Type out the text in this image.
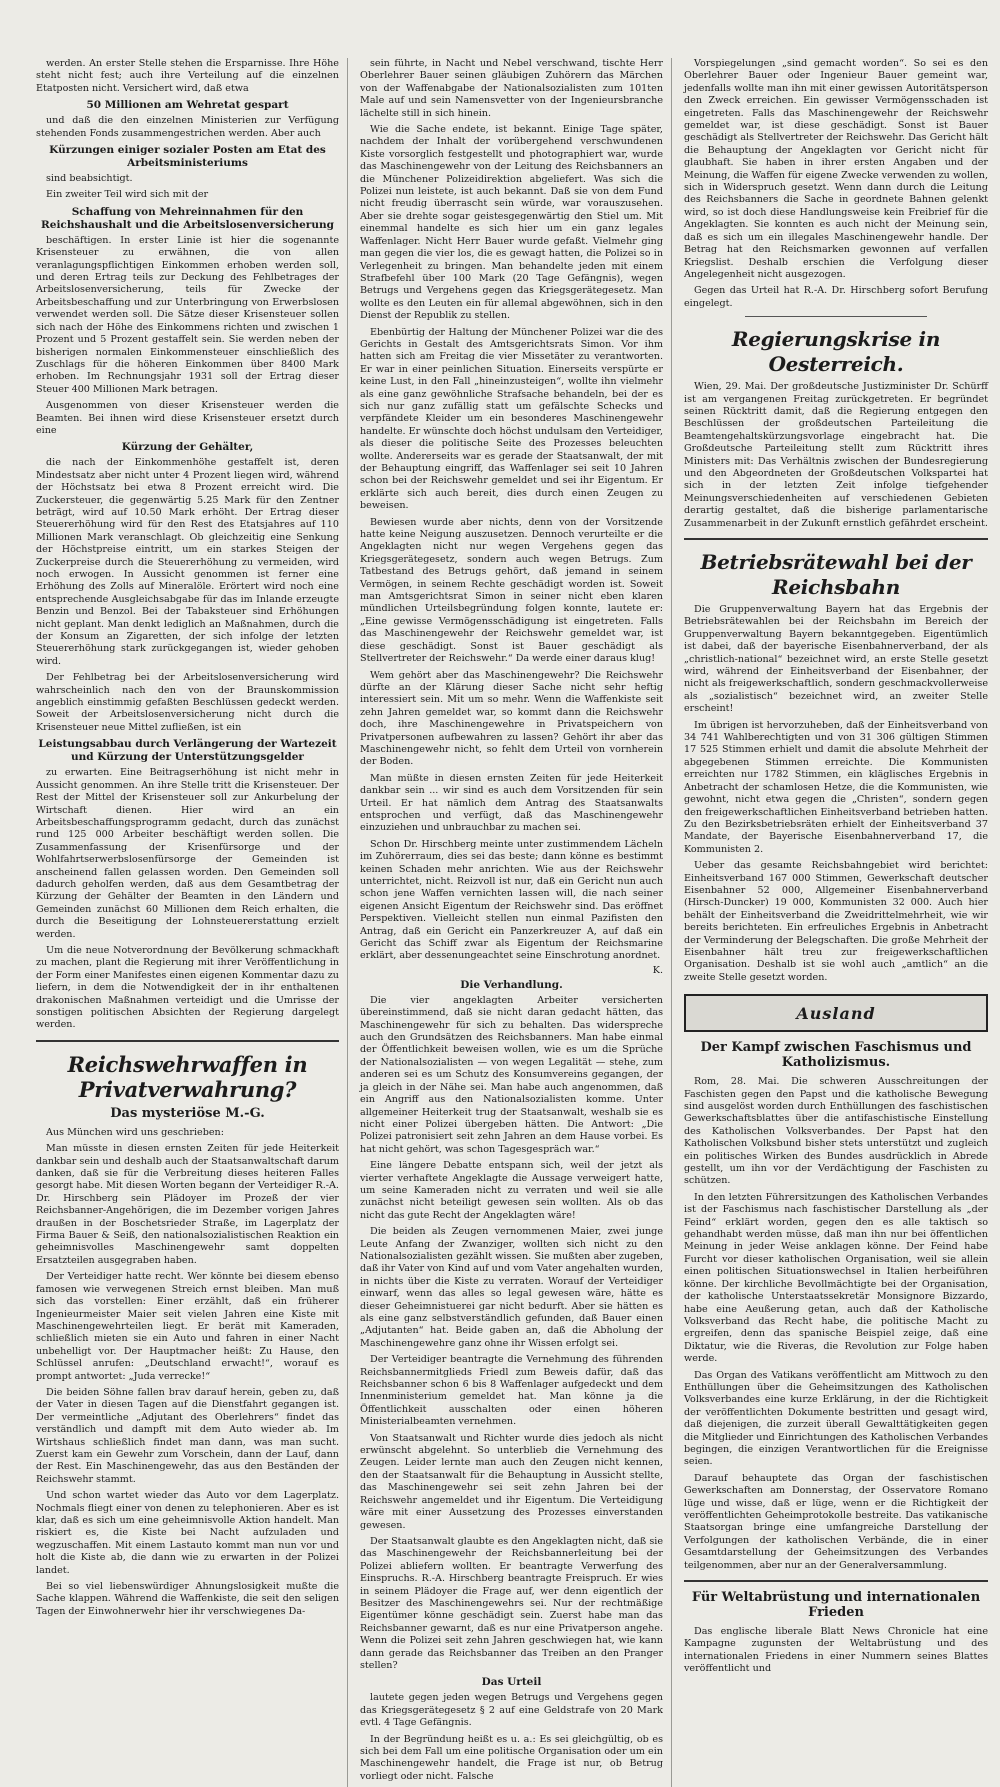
werden. An erster Stelle stehen die Ersparnisse. Ihre Höhe steht nicht fest; auch ihre Verteilung auf die einzelnen Etatposten nicht. Versichert wird, daß etwa

50 Millionen am Wehretat gespart

und daß die den einzelnen Ministerien zur Verfügung stehenden Fonds zusammengestrichen werden. Aber auch

Kürzungen einiger sozialer Posten am Etat des Arbeitsministeriums

sind beabsichtigt.

Ein zweiter Teil wird sich mit der

Schaffung von Mehreinnahmen für den Reichshaushalt und die Arbeitslosenversicherung

beschäftigen. In erster Linie ist hier die sogenannte Krisensteuer zu erwähnen, die von allen veranlagungspflichtigen Einkommen erhoben werden soll, und deren Ertrag teils zur Deckung des Fehlbetrages der Arbeitslosenversicherung, teils für Zwecke der Arbeitsbeschaffung und zur Unterbringung von Erwerbslosen verwendet werden soll. Die Sätze dieser Krisensteuer sollen sich nach der Höhe des Einkommens richten und zwischen 1 Prozent und 5 Prozent gestaffelt sein. Sie werden neben der bisherigen normalen Einkommensteuer einschließlich des Zuschlags für die höheren Einkommen über 8400 Mark erhoben. Im Rechnungsjahr 1931 soll der Ertrag dieser Steuer 400 Millionen Mark betragen.

Ausgenommen von dieser Krisensteuer werden die Beamten. Bei ihnen wird diese Krisensteuer ersetzt durch eine

Kürzung der Gehälter,

die nach der Einkommenhöhe gestaffelt ist, deren Mindestsatz aber nicht unter 4 Prozent liegen wird, während der Höchstsatz bei etwa 8 Prozent erreicht wird. Die Zuckersteuer, die gegenwärtig 5.25 Mark für den Zentner beträgt, wird auf 10.50 Mark erhöht. Der Ertrag dieser Steuererhöhung wird für den Rest des Etatsjahres auf 110 Millionen Mark veranschlagt. Ob gleichzeitig eine Senkung der Höchstpreise eintritt, um ein starkes Steigen der Zuckerpreise durch die Steuererhöhung zu vermeiden, wird noch erwogen. In Aussicht genommen ist ferner eine Erhöhung des Zolls auf Mineralöle. Erörtert wird noch eine entsprechende Ausgleichsabgabe für das im Inlande erzeugte Benzin und Benzol. Bei der Tabaksteuer sind Erhöhungen nicht geplant. Man denkt lediglich an Maßnahmen, durch die der Konsum an Zigaretten, der sich infolge der letzten Steuererhöhung stark zurückgegangen ist, wieder gehoben wird.

Der Fehlbetrag bei der Arbeitslosenversicherung wird wahrscheinlich nach den von der Braunskommission angeblich einstimmig gefaßten Beschlüssen gedeckt werden. Soweit der Arbeitslosenversicherung nicht durch die Krisensteuer neue Mittel zufließen, ist ein

Leistungsabbau durch Verlängerung der Wartezeit und Kürzung der Unterstützungsgelder

zu erwarten. Eine Beitragserhöhung ist nicht mehr in Aussicht genommen. An ihre Stelle tritt die Krisensteuer. Der Rest der Mittel der Krisensteuer soll zur Ankurbelung der Wirtschaft dienen. Hier wird an ein Arbeitsbeschaffungsprogramm gedacht, durch das zunächst rund 125 000 Arbeiter beschäftigt werden sollen. Die Zusammenfassung der Krisenfürsorge und der Wohlfahrtserwerbslosenfürsorge der Gemeinden ist anscheinend fallen gelassen worden. Den Gemeinden soll dadurch geholfen werden, daß aus dem Gesamtbetrag der Kürzung der Gehälter der Beamten in den Ländern und Gemeinden zunächst 60 Millionen dem Reich erhalten, die durch die Beseitigung der Lohnsteuererstattung erzielt werden.

Um die neue Notverordnung der Bevölkerung schmackhaft zu machen, plant die Regierung mit ihrer Veröffentlichung in der Form einer Manifestes einen eigenen Kommentar dazu zu liefern, in dem die Notwendigkeit der in ihr enthaltenen drakonischen Maßnahmen verteidigt und die Umrisse der sonstigen politischen Absichten der Regierung dargelegt werden.

Reichswehrwaffen in Privatverwahrung?
Das mysteriöse M.-G.

Aus München wird uns geschrieben:

Man müsste in diesen ernsten Zeiten für jede Heiterkeit dankbar sein und deshalb auch der Staatsanwaltschaft darum danken, daß sie für die Verbreitung dieses heiteren Falles gesorgt habe. Mit diesen Worten begann der Verteidiger R.-A. Dr. Hirschberg sein Plädoyer im Prozeß der vier Reichsbanner-Angehörigen, die im Dezember vorigen Jahres draußen in der Boschetsrieder Straße, im Lagerplatz der Firma Bauer & Seiß, den nationalsozialistischen Reaktion ein geheimnisvolles Maschinengewehr samt doppelten Ersatzteilen ausgegraben haben.

Der Verteidiger hatte recht. Wer könnte bei diesem ebenso famosen wie verwegenen Streich ernst bleiben. Man muß sich das vorstellen: Einer erzählt, daß ein früherer Ingenieurmeister Maier seit vielen Jahren eine Kiste mit Maschinengewehrteilen liegt. Er berät mit Kameraden, schließlich mieten sie ein Auto und fahren in einer Nacht unbehelligt vor. Der Hauptmacher heißt: Zu Hause, den Schlüssel anrufen: „Deutschland erwacht!“, worauf es prompt antwortet: „Juda verrecke!“

Die beiden Söhne fallen brav darauf herein, geben zu, daß der Vater in diesen Tagen auf die Dienstfahrt gegangen ist. Der vermeintliche „Adjutant des Oberlehrers“ findet das verständlich und dampft mit dem Auto wieder ab. Im Wirtshaus schließlich findet man dann, was man sucht. Zuerst kam ein Gewehr zum Vorschein, dann der Lauf, dann der Rest. Ein Maschinengewehr, das aus den Beständen der Reichswehr stammt.

Und schon wartet wieder das Auto vor dem Lagerplatz. Nochmals fliegt einer von denen zu telephonieren. Aber es ist klar, daß es sich um eine geheimnisvolle Aktion handelt. Man riskiert es, die Kiste bei Nacht aufzuladen und wegzuschaffen. Mit einem Lastauto kommt man nun vor und holt die Kiste ab, die dann wie zu erwarten in der Polizei landet.

Bei so viel liebenswürdiger Ahnungslosigkeit mußte die Sache klappen. Während die Waffenkiste, die seit den seligen Tagen der Einwohnerwehr hier ihr verschwiegenes Da-

sein führte, in Nacht und Nebel verschwand, tischte Herr Oberlehrer Bauer seinen gläubigen Zuhörern das Märchen von der Waffenabgabe der Nationalsozialisten zum 101ten Male auf und sein Namensvetter von der Ingenieursbranche lächelte still in sich hinein.

Wie die Sache endete, ist bekannt. Einige Tage später, nachdem der Inhalt der vorübergehend verschwundenen Kiste vorsorglich festgestellt und photographiert war, wurde das Maschinengewehr von der Leitung des Reichsbanners an die Münchener Polizeidirektion abgeliefert. Was sich die Polizei nun leistete, ist auch bekannt. Daß sie von dem Fund nicht freudig überrascht sein würde, war vorauszusehen. Aber sie drehte sogar geistesgegenwärtig den Stiel um. Mit einemmal handelte es sich hier um ein ganz legales Waffenlager. Nicht Herr Bauer wurde gefaßt. Vielmehr ging man gegen die vier los, die es gewagt hatten, die Polizei so in Verlegenheit zu bringen. Man behandelte jeden mit einem Strafbefehl über 100 Mark (20 Tage Gefängnis), wegen Betrugs und Vergehens gegen das Kriegsgerätegesetz. Man wollte es den Leuten ein für allemal abgewöhnen, sich in den Dienst der Republik zu stellen.

Ebenbürtig der Haltung der Münchener Polizei war die des Gerichts in Gestalt des Amtsgerichtsrats Simon. Vor ihm hatten sich am Freitag die vier Missetäter zu verantworten. Er war in einer peinlichen Situation. Einerseits verspürte er keine Lust, in den Fall „hineinzusteigen“, wollte ihn vielmehr als eine ganz gewöhnliche Strafsache behandeln, bei der es sich nur ganz zufällig statt um gefälschte Schecks und verpfändete Kleider um ein besonderes Maschinengewehr handelte. Er wünschte doch höchst undulsam den Verteidiger, als dieser die politische Seite des Prozesses beleuchten wollte. Andererseits war es gerade der Staatsanwalt, der mit der Behauptung eingriff, das Waffenlager sei seit 10 Jahren schon bei der Reichswehr gemeldet und sei ihr Eigentum. Er erklärte sich auch bereit, dies durch einen Zeugen zu beweisen.

Bewiesen wurde aber nichts, denn von der Vorsitzende hatte keine Neigung auszusetzen. Dennoch verurteilte er die Angeklagten nicht nur wegen Vergehens gegen das Kriegsgerätegesetz, sondern auch wegen Betrugs. Zum Tatbestand des Betrugs gehört, daß jemand in seinem Vermögen, in seinem Rechte geschädigt worden ist. Soweit man Amtsgerichtsrat Simon in seiner nicht eben klaren mündlichen Urteilsbegründung folgen konnte, lautete er: „Eine gewisse Vermögensschädigung ist eingetreten. Falls das Maschinengewehr der Reichswehr gemeldet war, ist diese geschädigt. Sonst ist Bauer geschädigt als Stellvertreter der Reichswehr.“ Da werde einer daraus klug!

Wem gehört aber das Maschinengewehr? Die Reichswehr dürfte an der Klärung dieser Sache nicht sehr heftig interessiert sein. Mit um so mehr. Wenn die Waffenkiste seit zehn Jahren gemeldet war, so kommt dann die Reichswehr doch, ihre Maschinengewehre in Privatspeichern von Privatpersonen aufbewahren zu lassen? Gehört ihr aber das Maschinengewehr nicht, so fehlt dem Urteil von vornherein der Boden.

Man müßte in diesen ernsten Zeiten für jede Heiterkeit dankbar sein ... wir sind es auch dem Vorsitzenden für sein Urteil. Er hat nämlich dem Antrag des Staatsanwalts entsprochen und verfügt, daß das Maschinengewehr einzuziehen und unbrauchbar zu machen sei.

Schon Dr. Hirschberg meinte unter zustimmendem Lächeln im Zuhörerraum, dies sei das beste; dann könne es bestimmt keinen Schaden mehr anrichten. Wie aus der Reichswehr unterrichtet, nicht. Reizvoll ist nur, daß ein Gericht nun auch schon jene Waffen vernichten lassen will, die nach seiner eigenen Ansicht Eigentum der Reichswehr sind. Das eröffnet Perspektiven. Vielleicht stellen nun einmal Pazifisten den Antrag, daß ein Gericht ein Panzerkreuzer A, auf daß ein Gericht das Schiff zwar als Eigentum der Reichsmarine erklärt, aber dessenungeachtet seine Einschrotung anordnet.

K.

Die Verhandlung.

Die vier angeklagten Arbeiter versicherten übereinstimmend, daß sie nicht daran gedacht hätten, das Maschinengewehr für sich zu behalten. Das widerspreche auch den Grundsätzen des Reichsbanners. Man habe einmal der Öffentlichkeit beweisen wollen, wie es um die Sprüche der Nationalsozialisten — von wegen Legalität — stehe, zum anderen sei es um Schutz des Konsumvereins gegangen, der ja gleich in der Nähe sei. Man habe auch angenommen, daß ein Angriff aus den Nationalsozialisten komme. Unter allgemeiner Heiterkeit trug der Staatsanwalt, weshalb sie es nicht einer Polizei übergeben hätten. Die Antwort: „Die Polizei patronisiert seit zehn Jahren an dem Hause vorbei. Es hat nicht gehört, was schon Tagesgespräch war.“

Eine längere Debatte entspann sich, weil der jetzt als vierter verhaftete Angeklagte die Aussage verweigert hatte, um seine Kameraden nicht zu verraten und weil sie alle zunächst nicht beteiligt gewesen sein wollten. Als ob das nicht das gute Recht der Angeklagten wäre!

Die beiden als Zeugen vernommenen Maier, zwei junge Leute Anfang der Zwanziger, wollten sich nicht zu den Nationalsozialisten gezählt wissen. Sie mußten aber zugeben, daß ihr Vater von Kind auf und vom Vater angehalten wurden, in nichts über die Kiste zu verraten. Worauf der Verteidiger einwarf, wenn das alles so legal gewesen wäre, hätte es dieser Geheimnistuerei gar nicht bedurft. Aber sie hätten es als eine ganz selbstverständlich gefunden, daß Bauer einen „Adjutanten“ hat. Beide gaben an, daß die Abholung der Maschinengewehre ganz ohne ihr Wissen erfolgt sei.

Der Verteidiger beantragte die Vernehmung des führenden Reichsbannermitglieds Friedl zum Beweis dafür, daß das Reichsbanner schon 6 bis 8 Waffenlager aufgedeckt und dem Innenministerium gemeldet hat. Man könne ja die Öffentlichkeit ausschalten oder einen höheren Ministerialbeamten vernehmen.

Von Staatsanwalt und Richter wurde dies jedoch als nicht erwünscht abgelehnt. So unterblieb die Vernehmung des Zeugen. Leider lernte man auch den Zeugen nicht kennen, den der Staatsanwalt für die Behauptung in Aussicht stellte, das Maschinengewehr sei seit zehn Jahren bei der Reichswehr angemeldet und ihr Eigentum. Die Verteidigung wäre mit einer Aussetzung des Prozesses einverstanden gewesen.

Der Staatsanwalt glaubte es den Angeklagten nicht, daß sie das Maschinengewehr der Reichsbannerleitung bei der Polizei abliefern wollten. Er beantragte Verwerfung des Einspruchs. R.-A. Hirschberg beantragte Freispruch. Er wies in seinem Plädoyer die Frage auf, wer denn eigentlich der Besitzer des Maschinengewehrs sei. Nur der rechtmäßige Eigentümer könne geschädigt sein. Zuerst habe man das Reichsbanner gewarnt, daß es nur eine Privatperson angehe. Wenn die Polizei seit zehn Jahren geschwiegen hat, wie kann dann gerade das Reichsbanner das Treiben an den Pranger stellen?

Das Urteil

lautete gegen jeden wegen Betrugs und Vergehens gegen das Kriegsgerätegesetz § 2 auf eine Geldstrafe von 20 Mark evtl. 4 Tage Gefängnis.

In der Begründung heißt es u. a.: Es sei gleichgültig, ob es sich bei dem Fall um eine politische Organisation oder um ein Maschinengewehr handelt, die Frage ist nur, ob Betrug vorliegt oder nicht. Falsche

Vorspiegelungen „sind gemacht worden“. So sei es den Oberlehrer Bauer oder Ingenieur Bauer gemeint war, jedenfalls wollte man ihn mit einer gewissen Autoritätsperson den Zweck erreichen. Ein gewisser Vermögensschaden ist eingetreten. Falls das Maschinengewehr der Reichswehr gemeldet war, ist diese geschädigt. Sonst ist Bauer geschädigt als Stellvertreter der Reichswehr. Das Gericht hält die Behauptung der Angeklagten vor Gericht nicht für glaubhaft. Sie haben in ihrer ersten Angaben und der Meinung, die Waffen für eigene Zwecke verwenden zu wollen, sich in Widerspruch gesetzt. Wenn dann durch die Leitung des Reichsbanners die Sache in geordnete Bahnen gelenkt wird, so ist doch diese Handlungsweise kein Freibrief für die Angeklagten. Sie konnten es auch nicht der Meinung sein, daß es sich um ein illegales Maschinengewehr handle. Der Betrag hat den Reichsmarken gewonnen auf verfallen Kriegslist. Deshalb erschien die Verfolgung dieser Angelegenheit nicht ausgezogen.

Gegen das Urteil hat R.-A. Dr. Hirschberg sofort Berufung eingelegt.

Regierungskrise in Oesterreich.

Wien, 29. Mai. Der großdeutsche Justizminister Dr. Schürff ist am vergangenen Freitag zurückgetreten. Er begründet seinen Rücktritt damit, daß die Regierung entgegen den Beschlüssen der großdeutschen Parteileitung die Beamtengehaltskürzungsvorlage eingebracht hat. Die Großdeutsche Parteileitung stellt zum Rücktritt ihres Ministers mit: Das Verhältnis zwischen der Bundesregierung und den Abgeordneten der Großdeutschen Volkspartei hat sich in der letzten Zeit infolge tiefgehender Meinungsverschiedenheiten auf verschiedenen Gebieten derartig gestaltet, daß die bisherige parlamentarische Zusammenarbeit in der Zukunft ernstlich gefährdet erscheint.

Betriebsrätewahl bei der Reichsbahn

Die Gruppenverwaltung Bayern hat das Ergebnis der Betriebsrätewahlen bei der Reichsbahn im Bereich der Gruppenverwaltung Bayern bekanntgegeben. Eigentümlich ist dabei, daß der bayerische Eisenbahnerverband, der als „christlich-national“ bezeichnet wird, an erste Stelle gesetzt wird, während der Einheitsverband der Eisenbahner, der nicht als freigewerkschaftlich, sondern geschmackvollerweise als „sozialistisch“ bezeichnet wird, an zweiter Stelle erscheint!

Im übrigen ist hervorzuheben, daß der Einheitsverband von 34 741 Wahlberechtigten und von 31 306 gültigen Stimmen 17 525 Stimmen erhielt und damit die absolute Mehrheit der abgegebenen Stimmen erreichte. Die Kommunisten erreichten nur 1782 Stimmen, ein kläglisches Ergebnis in Anbetracht der schamlosen Hetze, die die Kommunisten, wie gewohnt, nicht etwa gegen die „Christen“, sondern gegen den freigewerkschaftlichen Einheitsverband betrieben hatten. Zu den Bezirksbetriebsräten erhielt der Einheitsverband 37 Mandate, der Bayerische Eisenbahnerverband 17, die Kommunisten 2.

Ueber das gesamte Reichsbahngebiet wird berichtet: Einheitsverband 167 000 Stimmen, Gewerkschaft deutscher Eisenbahner 52 000, Allgemeiner Eisenbahnerverband (Hirsch-Duncker) 19 000, Kommunisten 32 000. Auch hier behält der Einheitsverband die Zweidrittelmehrheit, wie wir bereits berichteten. Ein erfreuliches Ergebnis in Anbetracht der Verminderung der Belegschaften. Die große Mehrheit der Eisenbahner hält treu zur freigewerkschaftlichen Organisation. Deshalb ist sie wohl auch „amtlich“ an die zweite Stelle gesetzt worden.

Ausland
Der Kampf zwischen Faschismus und Katholizismus.

Rom, 28. Mai. Die schweren Ausschreitungen der Faschisten gegen den Papst und die katholische Bewegung sind ausgelöst worden durch Enthüllungen des faschistischen Gewerkschaftsblattes über die antifaschistische Einstellung des Katholischen Volksverbandes. Der Papst hat den Katholischen Volksbund bisher stets unterstützt und zugleich ein politisches Wirken des Bundes ausdrücklich in Abrede gestellt, um ihn vor der Verdächtigung der Faschisten zu schützen.

In den letzten Führersitzungen des Katholischen Verbandes ist der Faschismus nach faschistischer Darstellung als „der Feind“ erklärt worden, gegen den es alle taktisch so gehandhabt werden müsse, daß man ihn nur bei öffentlichen Meinung in jeder Weise anklagen könne. Der Feind habe Furcht vor dieser katholischen Organisation, weil sie allein einen politischen Situationswechsel in Italien herbeiführen könne. Der kirchliche Bevollmächtigte bei der Organisation, der katholische Unterstaatssekretär Monsignore Bizzardo, habe eine Aeußerung getan, auch daß der Katholische Volksverband das Recht habe, die politische Macht zu ergreifen, denn das spanische Beispiel zeige, daß eine Diktatur, wie die Riveras, die Revolution zur Folge haben werde.

Das Organ des Vatikans veröffentlicht am Mittwoch zu den Enthüllungen über die Geheimsitzungen des Katholischen Volksverbandes eine kurze Erklärung, in der die Richtigkeit der veröffentlichten Dokumente bestritten und gesagt wird, daß diejenigen, die zurzeit überall Gewalttätigkeiten gegen die Mitglieder und Einrichtungen des Katholischen Verbandes begingen, die einzigen Verantwortlichen für die Ereignisse seien.

Darauf behauptete das Organ der faschistischen Gewerkschaften am Donnerstag, der Osservatore Romano lüge und wisse, daß er lüge, wenn er die Richtigkeit der veröffentlichten Geheimprotokolle bestreite. Das vatikanische Staatsorgan bringe eine umfangreiche Darstellung der Verfolgungen der katholischen Verbände, die in einer Gesamtdarstellung der Geheimsitzungen des Verbandes teilgenommen, aber nur an der Generalversammlung.

Für Weltabrüstung und internationalen Frieden

Das englische liberale Blatt News Chronicle hat eine Kampagne zugunsten der Weltabrüstung und des internationalen Friedens in einer Nummern seines Blattes veröffentlicht und
